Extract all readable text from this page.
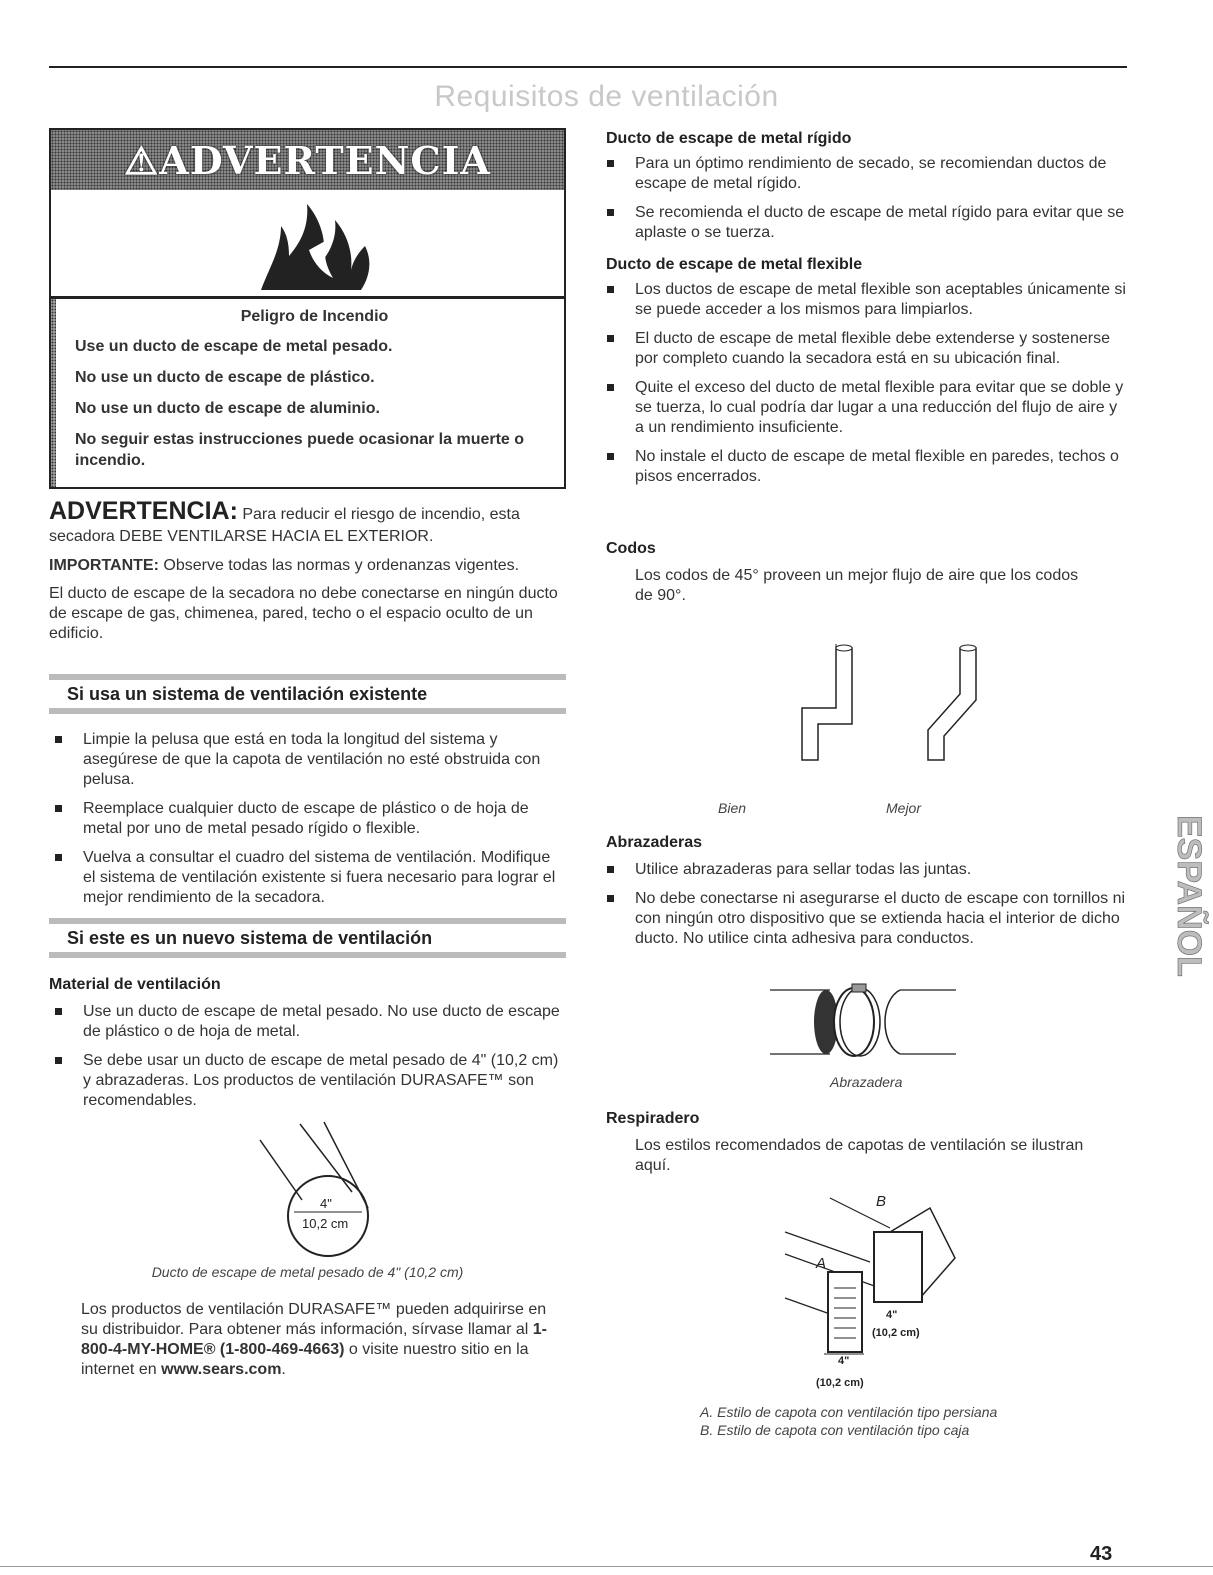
Requisitos de ventilación
⚠ADVERTENCIA
Peligro de Incendio

Use un ducto de escape de metal pesado.

No use un ducto de escape de plástico.

No use un ducto de escape de aluminio.

No seguir estas instrucciones puede ocasionar la muerte o incendio.

ADVERTENCIA: Para reducir el riesgo de incendio, esta secadora DEBE VENTILARSE HACIA EL EXTERIOR.

IMPORTANTE: Observe todas las normas y ordenanzas vigentes.

El ducto de escape de la secadora no debe conectarse en ningún ducto de escape de gas, chimenea, pared, techo o el espacio oculto de un edificio.

Si usa un sistema de ventilación existente
Limpie la pelusa que está en toda la longitud del sistema y asegúrese de que la capota de ventilación no esté obstruida con pelusa.
Reemplace cualquier ducto de escape de plástico o de hoja de metal por uno de metal pesado rígido o flexible.
Vuelva a consultar el cuadro del sistema de ventilación. Modifique el sistema de ventilación existente si fuera necesario para lograr el mejor rendimiento de la secadora.
Si este es un nuevo sistema de ventilación
Material de ventilación
Use un ducto de escape de metal pesado. No use ducto de escape de plástico o de hoja de metal.
Se debe usar un ducto de escape de metal pesado de 4" (10,2 cm) y abrazaderas. Los productos de ventilación DURASAFE™ son recomendables.
4"
10,2 cm
Ducto de escape de metal pesado de 4" (10,2 cm)
Los productos de ventilación DURASAFE™ pueden adquirirse en su distribuidor. Para obtener más información, sírvase llamar al 1-800-4-MY-HOME® (1-800-469-4663) o visite nuestro sitio en la internet en www.sears.com.
Ducto de escape de metal rígido
Para un óptimo rendimiento de secado, se recomiendan ductos de escape de metal rígido.
Se recomienda el ducto de escape de metal rígido para evitar que se aplaste o se tuerza.
Ducto de escape de metal flexible
Los ductos de escape de metal flexible son aceptables únicamente si se puede acceder a los mismos para limpiarlos.
El ducto de escape de metal flexible debe extenderse y sostenerse por completo cuando la secadora está en su ubicación final.
Quite el exceso del ducto de metal flexible para evitar que se doble y se tuerza, lo cual podría dar lugar a una reducción del flujo de aire y a un rendimiento insuficiente.
No instale el ducto de escape de metal flexible en paredes, techos o pisos encerrados.
Codos
Los codos de 45° proveen un mejor flujo de aire que los codos de 90°.
Bien	Mejor
Abrazaderas
Utilice abrazaderas para sellar todas las juntas.
No debe conectarse ni asegurarse el ducto de escape con tornillos ni con ningún otro dispositivo que se extienda hacia el interior de dicho ducto. No utilice cinta adhesiva para conductos.
Abrazadera
Respiradero
Los estilos recomendados de capotas de ventilación se ilustran aquí.
A
B
4"
(10,2 cm)
4"
(10,2 cm)
A. Estilo de capota con ventilación tipo persiana
B. Estilo de capota con ventilación tipo caja
ESPAÑOL
43
